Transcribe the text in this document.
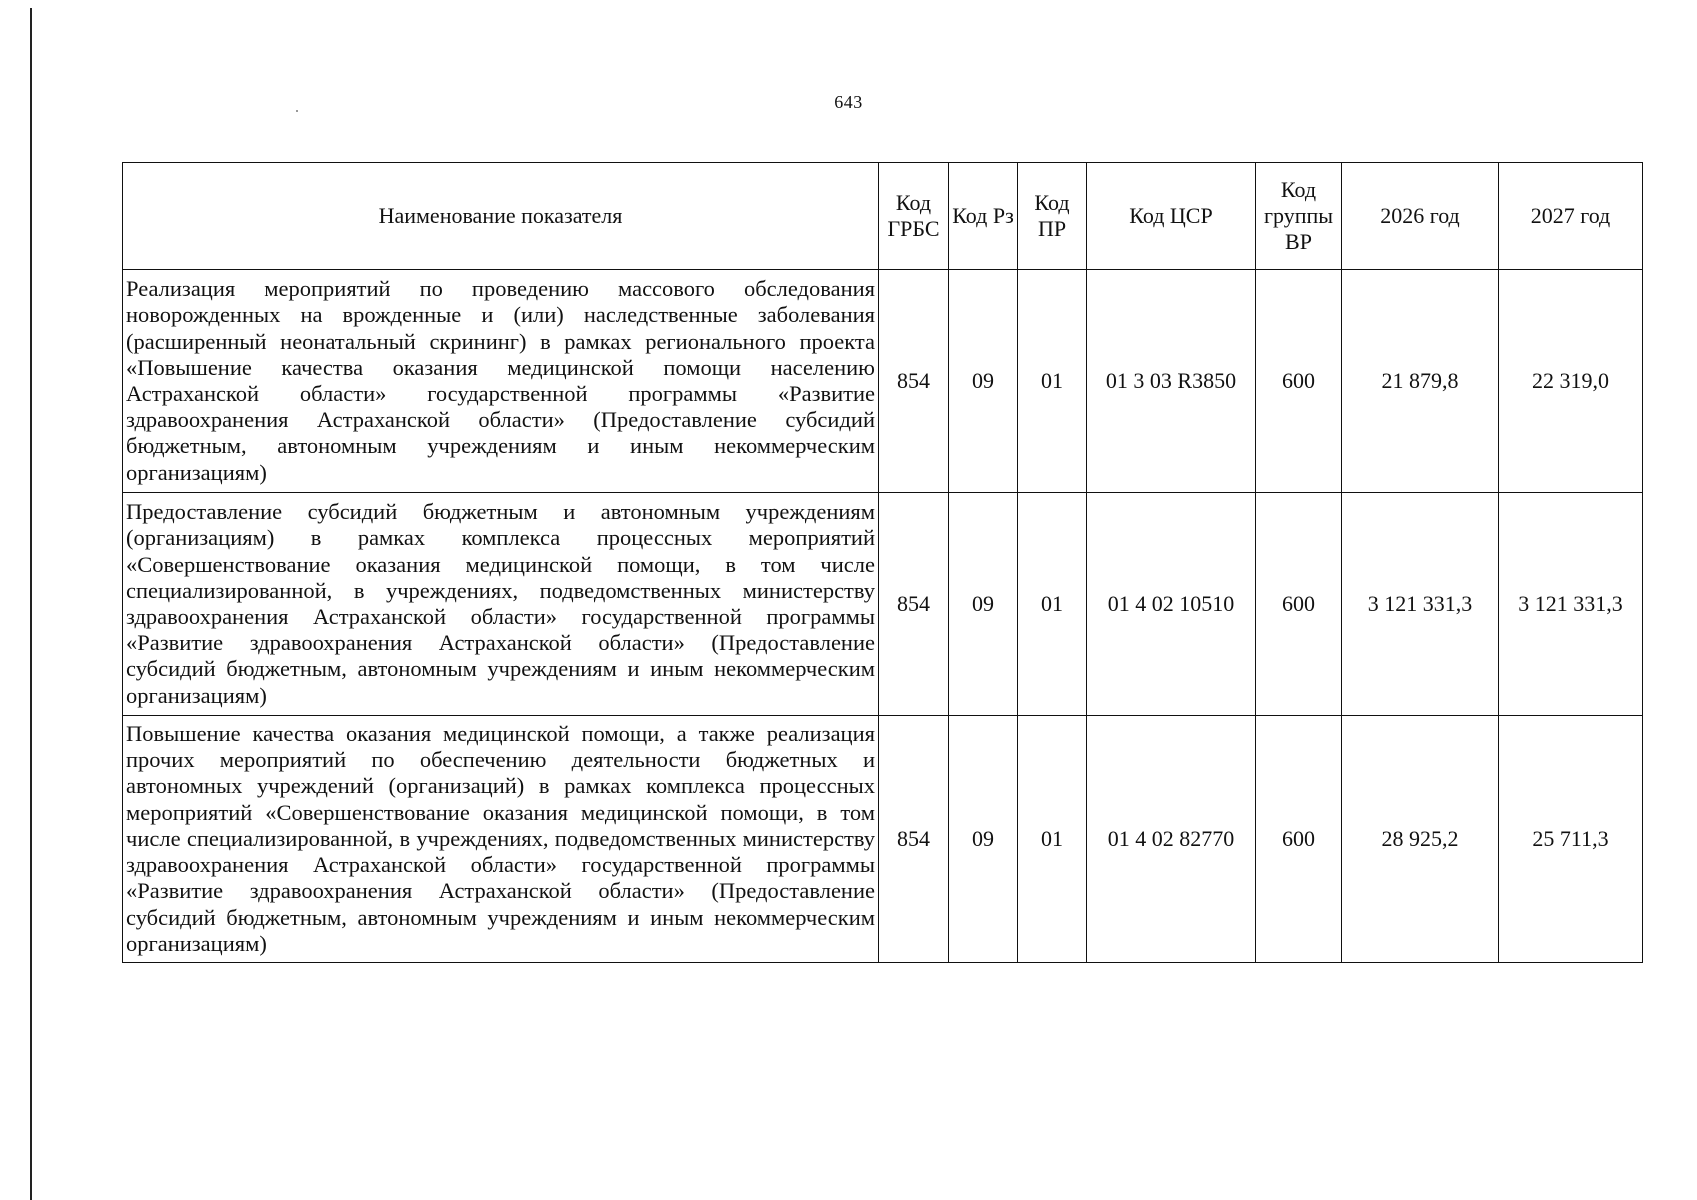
643
Наименование показателя	Код ГРБС	Код Рз	Код ПР	Код ЦСР	Код группы ВР	2026 год	2027 год
Реализация мероприятий по проведению массового обследования новорожденных на врожденные и (или) наследственные заболевания (расширенный неонатальный скрининг) в рамках регионального проекта «Повышение качества оказания медицинской помощи населению Астраханской области» государственной программы «Развитие здравоохранения Астраханской области» (Предоставление субсидий бюджетным, автономным учреждениям и иным некоммерческим организациям)	854	09	01	01 3 03 R3850	600	21 879,8	22 319,0
Предоставление субсидий бюджетным и автономным учреждениям (организациям) в рамках комплекса процессных мероприятий «Совершенствование оказания медицинской помощи, в том числе специализированной, в учреждениях, подведомственных министерству здравоохранения Астраханской области» государственной программы «Развитие здравоохранения Астраханской области» (Предоставление субсидий бюджетным, автономным учреждениям и иным некоммерческим организациям)	854	09	01	01 4 02 10510	600	3 121 331,3	3 121 331,3
Повышение качества оказания медицинской помощи, а также реализация прочих мероприятий по обеспечению деятельности бюджетных и автономных учреждений (организаций) в рамках комплекса процессных мероприятий «Совершенствование оказания медицинской помощи, в том числе специализированной, в учреждениях, подведомственных министерству здравоохранения Астраханской области» государственной программы «Развитие здравоохранения Астраханской области» (Предоставление субсидий бюджетным, автономным учреждениям и иным некоммерческим организациям)	854	09	01	01 4 02 82770	600	28 925,2	25 711,3
